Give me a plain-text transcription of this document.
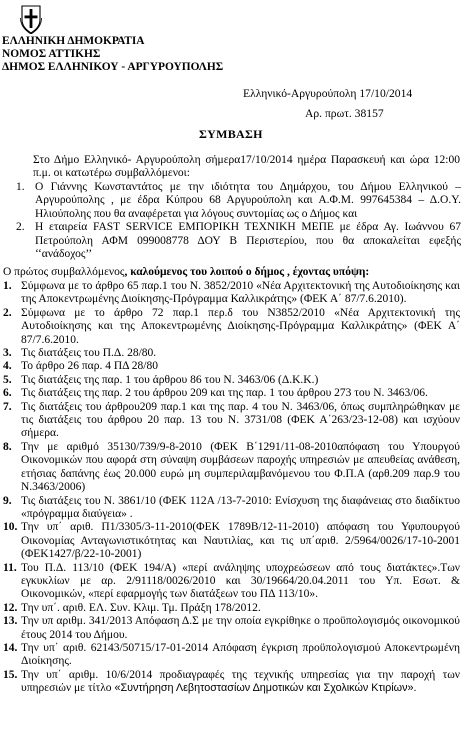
ΕΛΛΗΝΙΚΗ ΔΗΜΟΚΡΑΤΙΑ
ΝΟΜΟΣ ΑΤΤΙΚΗΣ
ΔΗΜΟΣ ΕΛΛΗΝΙΚΟΥ - ΑΡΓΥΡΟΥΠΟΛΗΣ
Ελληνικό-Αργυρούπολη 17/10/2014
Αρ. πρωτ. 38157
ΣΥΜΒΑΣΗ
Στο Δήμο Ελληνικό- Αργυρούπολη σήμερα17/10/2014 ημέρα Παρασκευή και ώρα 12:00 π.μ. οι κατωτέρω συμβαλλόμενοι:
1. Ο Γιάννης Κωνσταντάτος με την ιδιότητα του Δημάρχου, του Δήμου Ελληνικού – Αργυρούπολης , με έδρα Κύπρου 68 Αργυρούπολη και Α.Φ.Μ. 997645384 – Δ.Ο.Υ. Ηλιούπολης που θα αναφέρεται για λόγους συντομίας ως ο Δήμος και
2. Η εταιρεία FAST SERVICE ΕΜΠΟΡΙΚΗ ΤΕΧΝΙΚΗ ΜΕΠΕ με έδρα Αγ. Ιωάννου 67 Πετρούπολη ΑΦΜ 099008778 ΔΟΥ Β Περιστερίου, που θα αποκαλείται εφεξής ‘‘ανάδοχος’’
Ο πρώτος συμβαλλόμενος, καλούμενος του λοιπού ο δήμος , έχοντας υπόψη:
1. Σύμφωνα με το άρθρο 65 παρ.1 του Ν. 3852/2010 «Νέα Αρχιτεκτονική της Αυτοδιοίκησης και της Αποκεντρωμένης Διοίκησης-Πρόγραμμα Καλλικράτης» (ΦΕΚ Α΄ 87/7.6.2010).
2. Σύμφωνα με το άρθρο 72 παρ.1 περ.δ του Ν3852/2010 «Νέα Αρχιτεκτονική της Αυτοδιοίκησης και της Αποκεντρωμένης Διοίκησης-Πρόγραμμα Καλλικράτης» (ΦΕΚ Α΄ 87/7.6.2010.
3. Τις διατάξεις του Π.Δ. 28/80.
4. Το άρθρο 26 παρ. 4 ΠΔ 28/80
5. Τις διατάξεις της παρ. 1 του άρθρου 86 του Ν. 3463/06 (Δ.Κ.Κ.)
6. Τις διατάξεις της παρ. 2 του άρθρου 209 και της παρ. 1 του άρθρου 273 του Ν. 3463/06.
7. Τις διατάξεις του άρθρου209 παρ.1 και της παρ. 4 του Ν. 3463/06, όπως συμπληρώθηκαν με τις διατάξεις του άρθρου 20 παρ. 13 του Ν. 3731/08 (ΦΕΚ Α΄263/23-12-08) και ισχύουν σήμερα.
8. Την με αριθμό 35130/739/9-8-2010 (ΦΕΚ Β΄1291/11-08-2010απόφαση του Υπουργού Οικονομικών που αφορά στη σύναψη συμβάσεων παροχής υπηρεσιών με απευθείας ανάθεση, ετήσιας δαπάνης έως 20.000 ευρώ μη συμπεριλαμβανόμενου του Φ.Π.Α (αρθ.209 παρ.9 του Ν.3463/2006)
9. Τις διατάξεις του Ν. 3861/10 (ΦΕΚ 112Α /13-7-2010: Ενίσχυση της διαφάνειας στο διαδίκτυο «πρόγραμμα διαύγεια» .
10. Την υπ΄ αριθ. Π1/3305/3-11-2010(ΦΕΚ 1789Β/12-11-2010) απόφαση του Υφυπουργού Οικονομίας Ανταγωνιστικότητας και Ναυτιλίας, και τις υπ΄αριθ. 2/5964/0026/17-10-2001 (ΦΕΚ1427/β/22-10-2001)
11. Του Π.Δ. 113/10 (ΦΕΚ 194/Α) «περί ανάληψης υποχρεώσεων από τους διατάκτες».Των εγκυκλίων με αρ. 2/91118/0026/2010 και 30/19664/20.04.2011 του Υπ. Εσωτ. & Οικονομικών, «περί εφαρμογής των διατάξεων του ΠΔ 113/10».
12. Την υπ΄. αριθ. ΕΛ. Συν. Κλιμ. Τμ. Πράξη 178/2012.
13. Την υπ αριθμ. 341/2013 Απόφαση Δ.Σ με την οποία εγκρίθηκε ο προϋπολογισμός οικονομικού έτους 2014 του Δήμου.
14. Την υπ΄ αριθ. 62143/50715/17-01-2014 Απόφαση έγκριση προϋπολογισμού Αποκεντρωμένη Διοίκησης.
15. Την υπ΄ αριθμ. 10/6/2014 προδιαγραφές της τεχνικής υπηρεσίας για την παροχή των υπηρεσιών με τίτλο «Συντήρηση Λεβητοστασίων Δημοτικών και Σχολικών Κτιρίων».
